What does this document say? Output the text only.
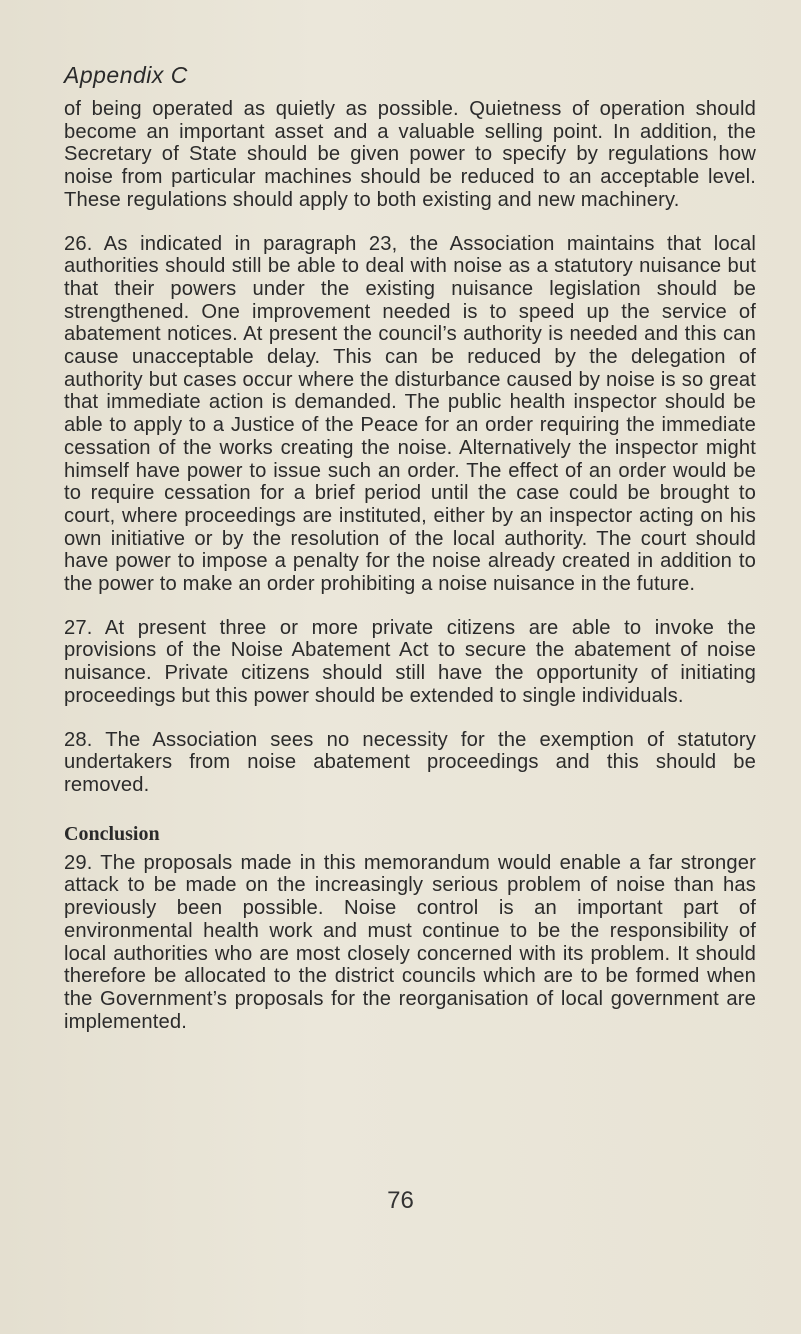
Appendix C

of being operated as quietly as possible. Quietness of operation should become an important asset and a valuable selling point. In addition, the Secretary of State should be given power to specify by regulations how noise from particular machines should be reduced to an acceptable level. These regulations should apply to both existing and new machinery.

26. As indicated in paragraph 23, the Association maintains that local authorities should still be able to deal with noise as a statutory nuisance but that their powers under the existing nuisance legislation should be strengthened. One improvement needed is to speed up the service of abatement notices. At present the council’s authority is needed and this can cause unacceptable delay. This can be reduced by the delegation of authority but cases occur where the disturbance caused by noise is so great that immediate action is demanded. The public health inspector should be able to apply to a Justice of the Peace for an order requiring the immediate cessation of the works creating the noise. Alternatively the inspector might himself have power to issue such an order. The effect of an order would be to require cessation for a brief period until the case could be brought to court, where proceedings are instituted, either by an inspector acting on his own initiative or by the resolution of the local authority. The court should have power to impose a penalty for the noise already created in addition to the power to make an order prohibiting a noise nuisance in the future.

27. At present three or more private citizens are able to invoke the provisions of the Noise Abatement Act to secure the abatement of noise nuisance. Private citizens should still have the opportunity of initiating proceedings but this power should be extended to single individuals.

28. The Association sees no necessity for the exemption of statutory undertakers from noise abatement proceedings and this should be removed.

Conclusion

29. The proposals made in this memorandum would enable a far stronger attack to be made on the increasingly serious problem of noise than has previously been possible. Noise control is an important part of environmental health work and must continue to be the responsibility of local authorities who are most closely concerned with its problem. It should therefore be allocated to the district councils which are to be formed when the Government’s proposals for the reorganisation of local government are implemented.

76
